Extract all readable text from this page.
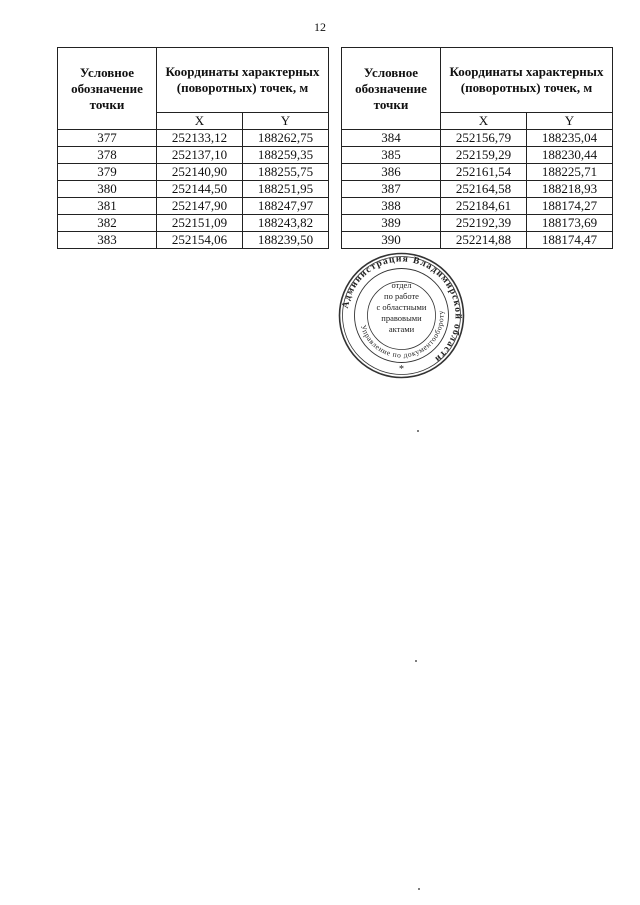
12
Условное обозначение точки	Координаты характерных (поворотных) точек, м	
	X	Y
377	252133,12	188262,75
378	252137,10	188259,35
379	252140,90	188255,75
380	252144,50	188251,95
381	252147,90	188247,97
382	252151,09	188243,82
383	252154,06	188239,50
Условное обозначение точки	Координаты характерных (поворотных) точек, м	
	X	Y
384	252156,79	188235,04
385	252159,29	188230,44
386	252161,54	188225,71
387	252164,58	188218,93
388	252184,61	188174,27
389	252192,39	188173,69
390	252214,88	188174,47
Администрация Владимирской области
Управление по документообороту
*
отдел
по работе
с областными
правовыми
актами
